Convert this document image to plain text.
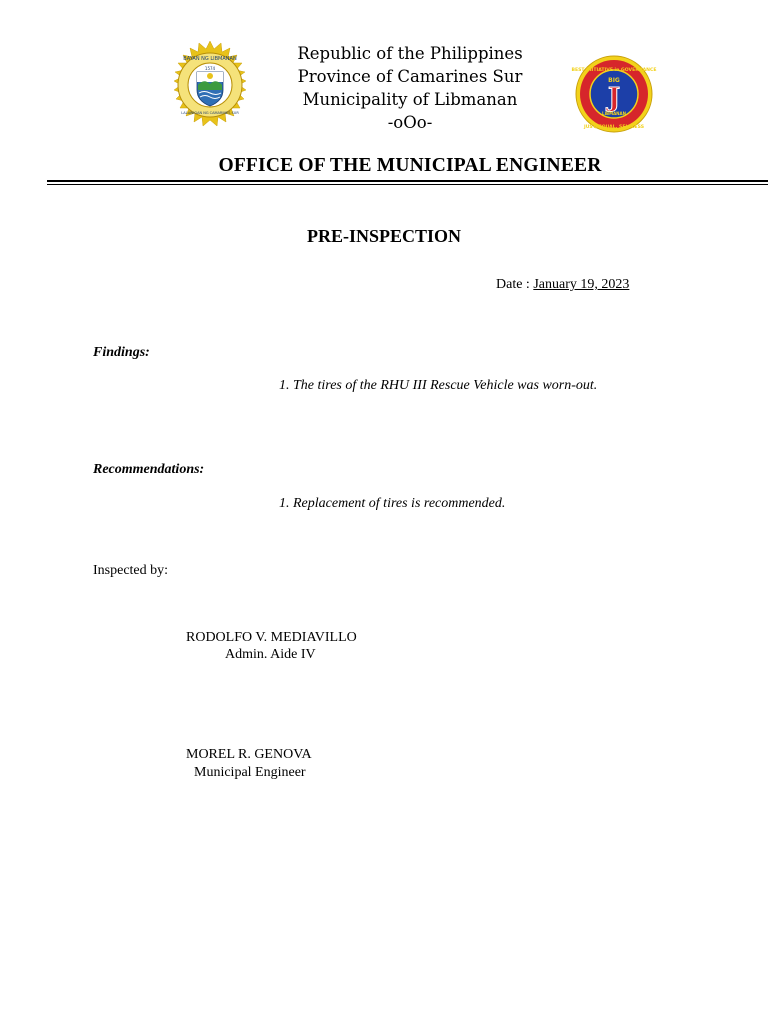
BAYAN NG LIBMANAN
LALAWIGAN NG CAMARINES SUR
1574
Republic of the Philippines
Province of Camarines Sur
Municipality of Libmanan
-oOo-
BEST INITIATIVE in GOVERNANCE
JUST, EQUAL, SELFLESS
BIG
J
LIBMANAN
OFFICE OF THE MUNICIPAL ENGINEER
PRE-INSPECTION
Date : January 19, 2023
Findings:
1. The tires of the RHU III Rescue Vehicle was worn-out.
Recommendations:
1. Replacement of tires is recommended.
Inspected by:
RODOLFO V. MEDIAVILLO
Admin. Aide IV
MOREL R. GENOVA
Municipal Engineer
